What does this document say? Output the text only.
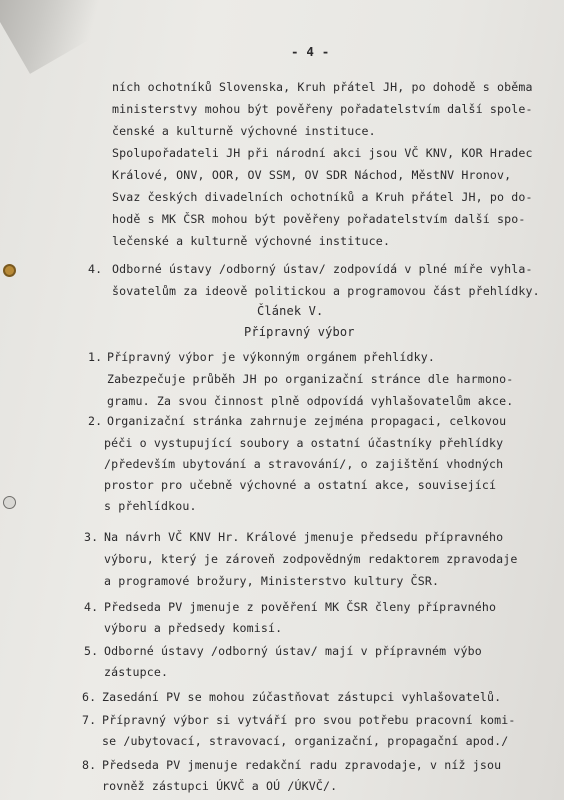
- 4 -
ních ochotníků Slovenska, Kruh přátel JH, po dohodě s oběma
ministerstvy mohou být pověřeny pořadatelstvím další spole-
čenské a kulturně výchovné instituce.
Spolupořadateli JH při národní akci jsou VČ KNV, KOR Hradec
Králové, ONV, OOR, OV SSM, OV SDR Náchod, MěstNV Hronov,
Svaz českých divadelních ochotníků a Kruh přátel JH, po do-
hodě s MK ČSR mohou být pověřeny pořadatelstvím další spo-
lečenské a kulturně výchovné instituce.
4. Odborné ústavy /odborný ústav/ zodpovídá v plné míře vyhla-
šovatelům za ideově politickou a programovou část přehlídky.
Článek V.
Přípravný výbor
1. Přípravný výbor je výkonným orgánem přehlídky.
Zabezpečuje průběh JH po organizační stránce dle harmono-
gramu. Za svou činnost plně odpovídá vyhlašovatelům akce.
2. Organizační stránka zahrnuje zejména propagaci, celkovou
péči o vystupující soubory a ostatní účastníky přehlídky
/především ubytování a stravování/, o zajištění vhodných
prostor pro učebně výchovné a ostatní akce, související
s přehlídkou.
3. Na návrh VČ KNV Hr. Králové jmenuje předsedu přípravného
výboru, který je zároveň zodpovědným redaktorem zpravodaje
a programové brožury, Ministerstvo kultury ČSR.
4. Předseda PV jmenuje z pověření MK ČSR členy přípravného
výboru a předsedy komisí.
5. Odborné ústavy /odborný ústav/ mají v přípravném výbo
zástupce.
6. Zasedání PV se mohou zúčastňovat zástupci vyhlašovatelů.
7. Přípravný výbor si vytváří pro svou potřebu pracovní komi-
se /ubytovací, stravovací, organizační, propagační apod./
8. Předseda PV jmenuje redakční radu zpravodaje, v níž jsou
rovněž zástupci ÚKVČ a OÚ /ÚKVČ/.
